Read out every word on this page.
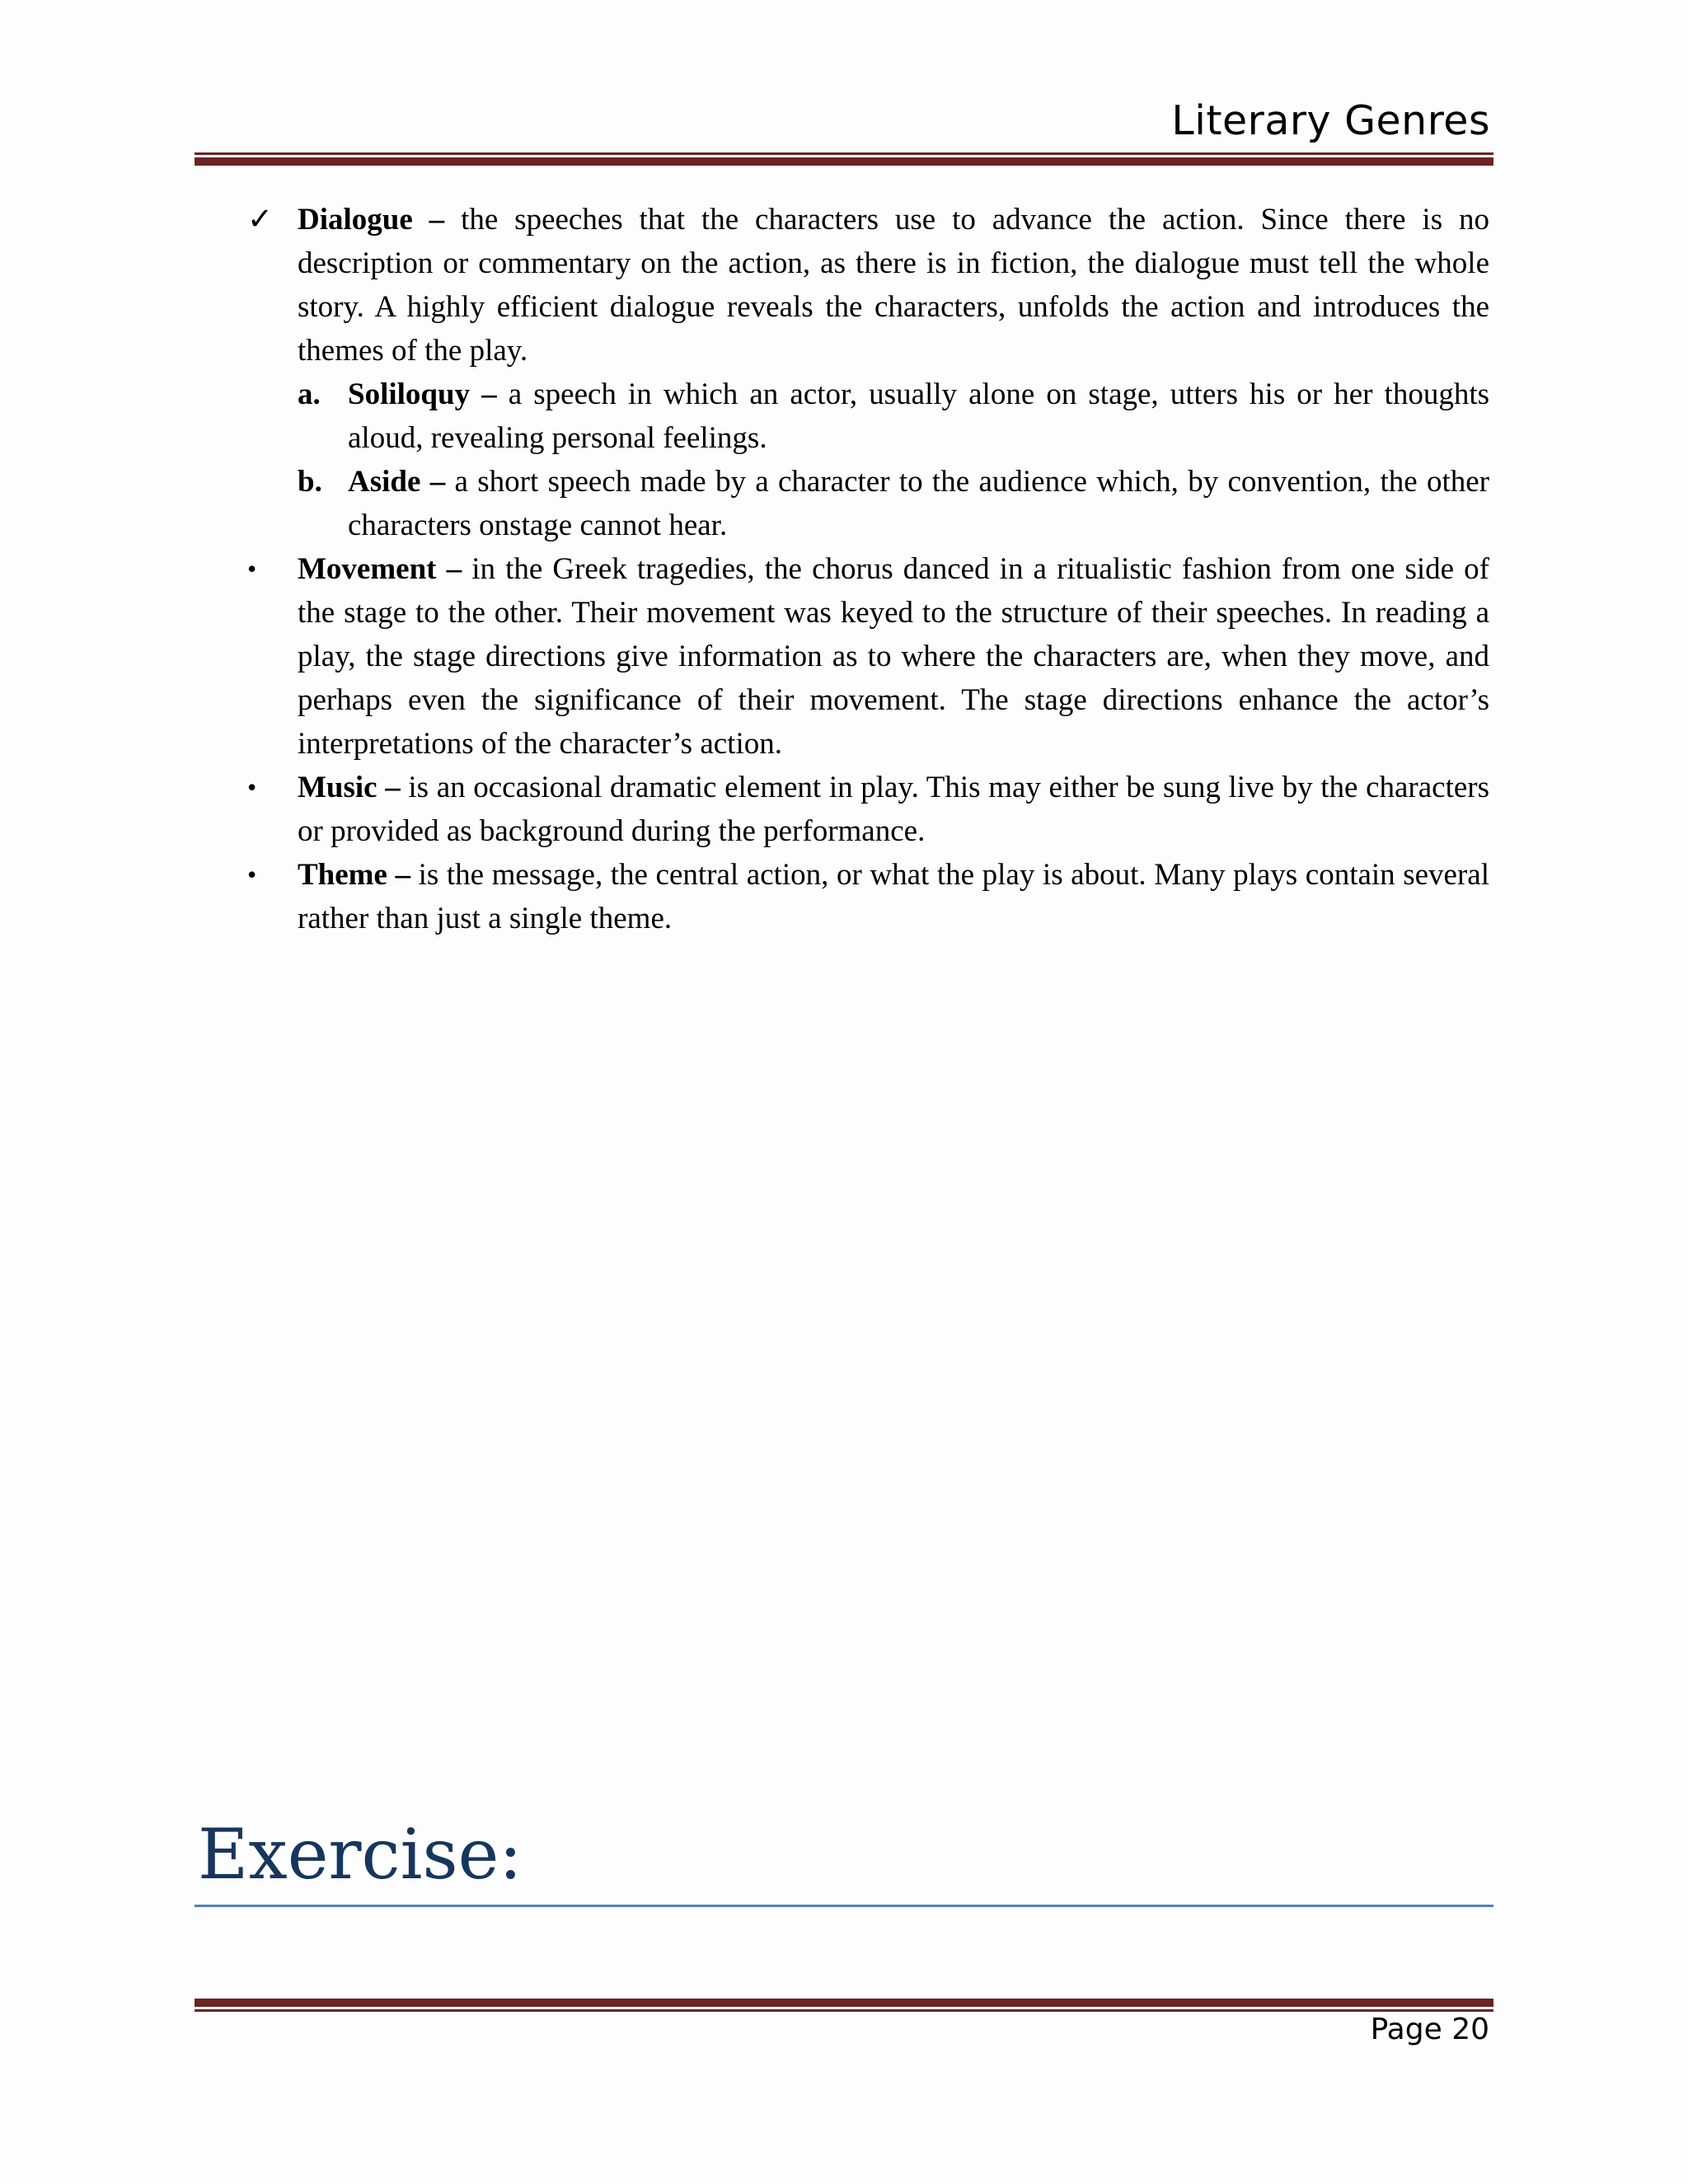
Literary Genres
✓ Dialogue – the speeches that the characters use to advance the action. Since there is no description or commentary on the action, as there is in fiction, the dialogue must tell the whole story. A highly efficient dialogue reveals the characters, unfolds the action and introduces the themes of the play.
a. Soliloquy – a speech in which an actor, usually alone on stage, utters his or her thoughts aloud, revealing personal feelings.
b. Aside – a short speech made by a character to the audience which, by convention, the other characters onstage cannot hear.
•	Movement – in the Greek tragedies, the chorus danced in a ritualistic fashion from one side of the stage to the other. Their movement was keyed to the structure of their speeches. In reading a play, the stage directions give information as to where the characters are, when they move, and perhaps even the significance of their movement. The stage directions enhance the actor’s interpretations of the character’s action.
•	Music – is an occasional dramatic element in play. This may either be sung live by the characters or provided as background during the performance.
•	Theme – is the message, the central action, or what the play is about. Many plays contain several rather than just a single theme.
Exercise:
Page 20
